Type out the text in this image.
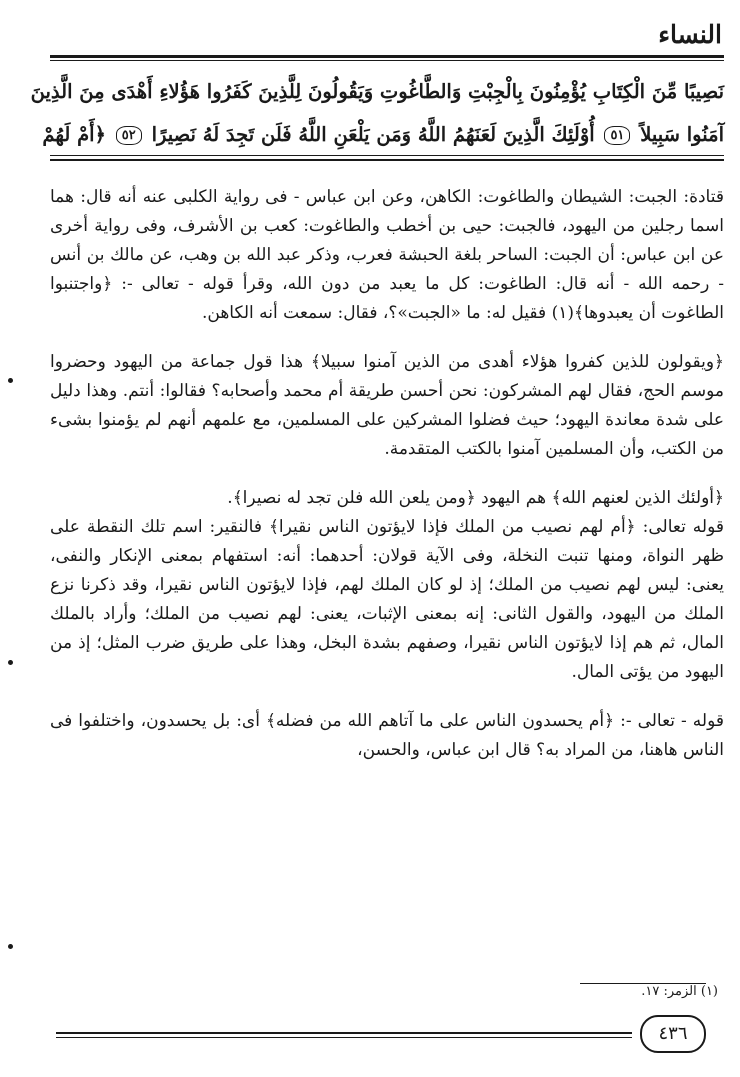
النساء
نَصِيبًا مِّنَ الْكِتَابِ يُؤْمِنُونَ بِالْجِبْتِ وَالطَّاغُوتِ وَيَقُولُونَ لِلَّذِينَ كَفَرُوا هَؤُلاءِ أَهْدَى مِنَ الَّذِينَ
آمَنُوا سَبِيلاً ٥١ أُوْلَئِكَ الَّذِينَ لَعَنَهُمُ اللَّهُ وَمَن يَلْعَنِ اللَّهُ فَلَن تَجِدَ لَهُ نَصِيرًا ٥٢ ﴿أَمْ لَهُمْ

قتادة: الجبت: الشيطان والطاغوت: الكاهن، وعن ابن عباس - فى رواية الكلبى عنه أنه قال: هما اسما رجلين من اليهود، فالجبت: حيى بن أخطب والطاغوت: كعب بن الأشرف، وفى رواية أخرى عن ابن عباس: أن الجبت: الساحر بلغة الحبشة فعرب، وذكر عبد الله بن وهب، عن مالك بن أنس - رحمه الله - أنه قال: الطاغوت: كل ما يعبد من دون الله، وقرأ قوله - تعالى -: ﴿واجتنبوا الطاغوت أن يعبدوها﴾(١) فقيل له: ما «الجبت»؟، فقال: سمعت أنه الكاهن.

﴿ويقولون للذين كفروا هؤلاء أهدى من الذين آمنوا سبيلا﴾ هذا قول جماعة من اليهود وحضروا موسم الحج، فقال لهم المشركون: نحن أحسن طريقة أم محمد وأصحابه؟ فقالوا: أنتم. وهذا دليل على شدة معاندة اليهود؛ حيث فضلوا المشركين على المسلمين، مع علمهم أنهم لم يؤمنوا بشىء من الكتب، وأن المسلمين آمنوا بالكتب المتقدمة.

﴿أولئك الذين لعنهم الله﴾ هم اليهود ﴿ومن يلعن الله فلن تجد له نصيرا﴾.

قوله تعالى: ﴿أم لهم نصيب من الملك فإذا لايؤتون الناس نقيرا﴾ فالنقير: اسم تلك النقطة على ظهر النواة، ومنها تنبت النخلة، وفى الآية قولان: أحدهما: أنه: استفهام بمعنى الإنكار والنفى، يعنى: ليس لهم نصيب من الملك؛ إذ لو كان الملك لهم، فإذا لايؤتون الناس نقيرا، وقد ذكرنا نزع الملك من اليهود، والقول الثانى: إنه بمعنى الإثبات، يعنى: لهم نصيب من الملك؛ وأراد بالملك المال، ثم هم إذا لايؤتون الناس نقيرا، وصفهم بشدة البخل، وهذا على طريق ضرب المثل؛ إذ من اليهود من يؤتى المال.

قوله - تعالى -: ﴿أم يحسدون الناس على ما آتاهم الله من فضله﴾ أى: بل يحسدون، واختلفوا فى الناس هاهنا، من المراد به؟ قال ابن عباس، والحسن،

(١) الزمر: ١٧.
٤٣٦
